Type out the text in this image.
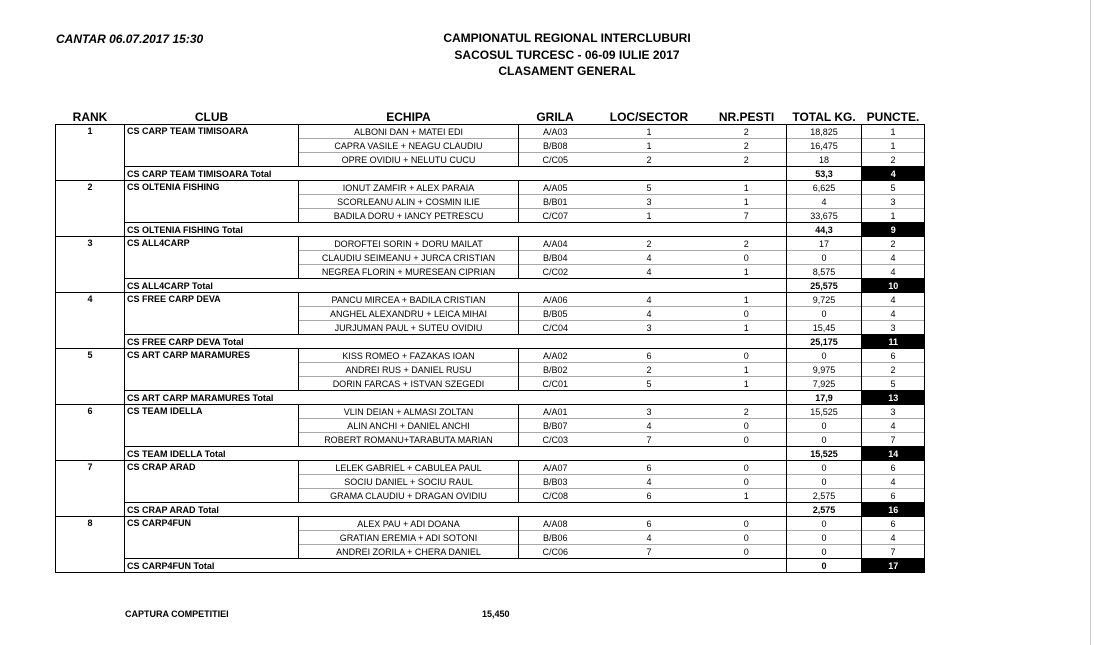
CANTAR 06.07.2017 15:30	CAMPIONATUL REGIONAL INTERCLUBURI
SACOSUL TURCESC - 06-09 IULIE 2017
CLASAMENT GENERAL
RANK	CLUB	ECHIPA	GRILA	LOC/SECTOR	NR.PESTI	TOTAL KG.	PUNCTE.
1	CS CARP TEAM TIMISOARA	ALBONI DAN + MATEI EDI	A/A03	1	2	18,825	1
		CAPRA VASILE + NEAGU CLAUDIU	B/B08	1	2	16,475	1
		OPRE OVIDIU + NELUTU CUCU	C/C05	2	2	18	2
	CS CARP TEAM TIMISOARA Total					53,3	4
2	CS OLTENIA FISHING	IONUT ZAMFIR + ALEX PARAIA	A/A05	5	1	6,625	5
		SCORLEANU ALIN + COSMIN ILIE	B/B01	3	1	4	3
		BADILA DORU + IANCY PETRESCU	C/C07	1	7	33,675	1
	CS OLTENIA FISHING Total					44,3	9
3	CS ALL4CARP	DOROFTEI SORIN + DORU MAILAT	A/A04	2	2	17	2
		CLAUDIU SEIMEANU + JURCA CRISTIAN	B/B04	4	0	0	4
		NEGREA FLORIN + MURESEAN CIPRIAN	C/C02	4	1	8,575	4
	CS ALL4CARP Total					25,575	10
4	CS FREE CARP DEVA	PANCU MIRCEA + BADILA CRISTIAN	A/A06	4	1	9,725	4
		ANGHEL ALEXANDRU + LEICA MIHAI	B/B05	4	0	0	4
		JURJUMAN PAUL + SUTEU OVIDIU	C/C04	3	1	15,45	3
	CS FREE CARP DEVA Total					25,175	11
5	CS ART CARP MARAMURES	KISS ROMEO + FAZAKAS IOAN	A/A02	6	0	0	6
		ANDREI RUS + DANIEL RUSU	B/B02	2	1	9,975	2
		DORIN FARCAS + ISTVAN SZEGEDI	C/C01	5	1	7,925	5
	CS ART CARP MARAMURES Total					17,9	13
6	CS TEAM IDELLA	VLIN DEIAN + ALMASI ZOLTAN	A/A01	3	2	15,525	3
		ALIN ANCHI + DANIEL ANCHI	B/B07	4	0	0	4
		ROBERT ROMANU+TARABUTA MARIAN	C/C03	7	0	0	7
	CS TEAM IDELLA Total					15,525	14
7	CS CRAP ARAD	LELEK GABRIEL + CABULEA PAUL	A/A07	6	0	0	6
		SOCIU DANIEL + SOCIU RAUL	B/B03	4	0	0	4
		GRAMA CLAUDIU + DRAGAN OVIDIU	C/C08	6	1	2,575	6
	CS CRAP ARAD Total					2,575	16
8	CS CARP4FUN	ALEX PAU + ADI DOANA	A/A08	6	0	0	6
		GRATIAN EREMIA + ADI SOTONI	B/B06	4	0	0	4
		ANDREI ZORILA + CHERA DANIEL	C/C06	7	0	0	7
	CS CARP4FUN Total					0	17
CAPTURA COMPETITIEI	15,450
